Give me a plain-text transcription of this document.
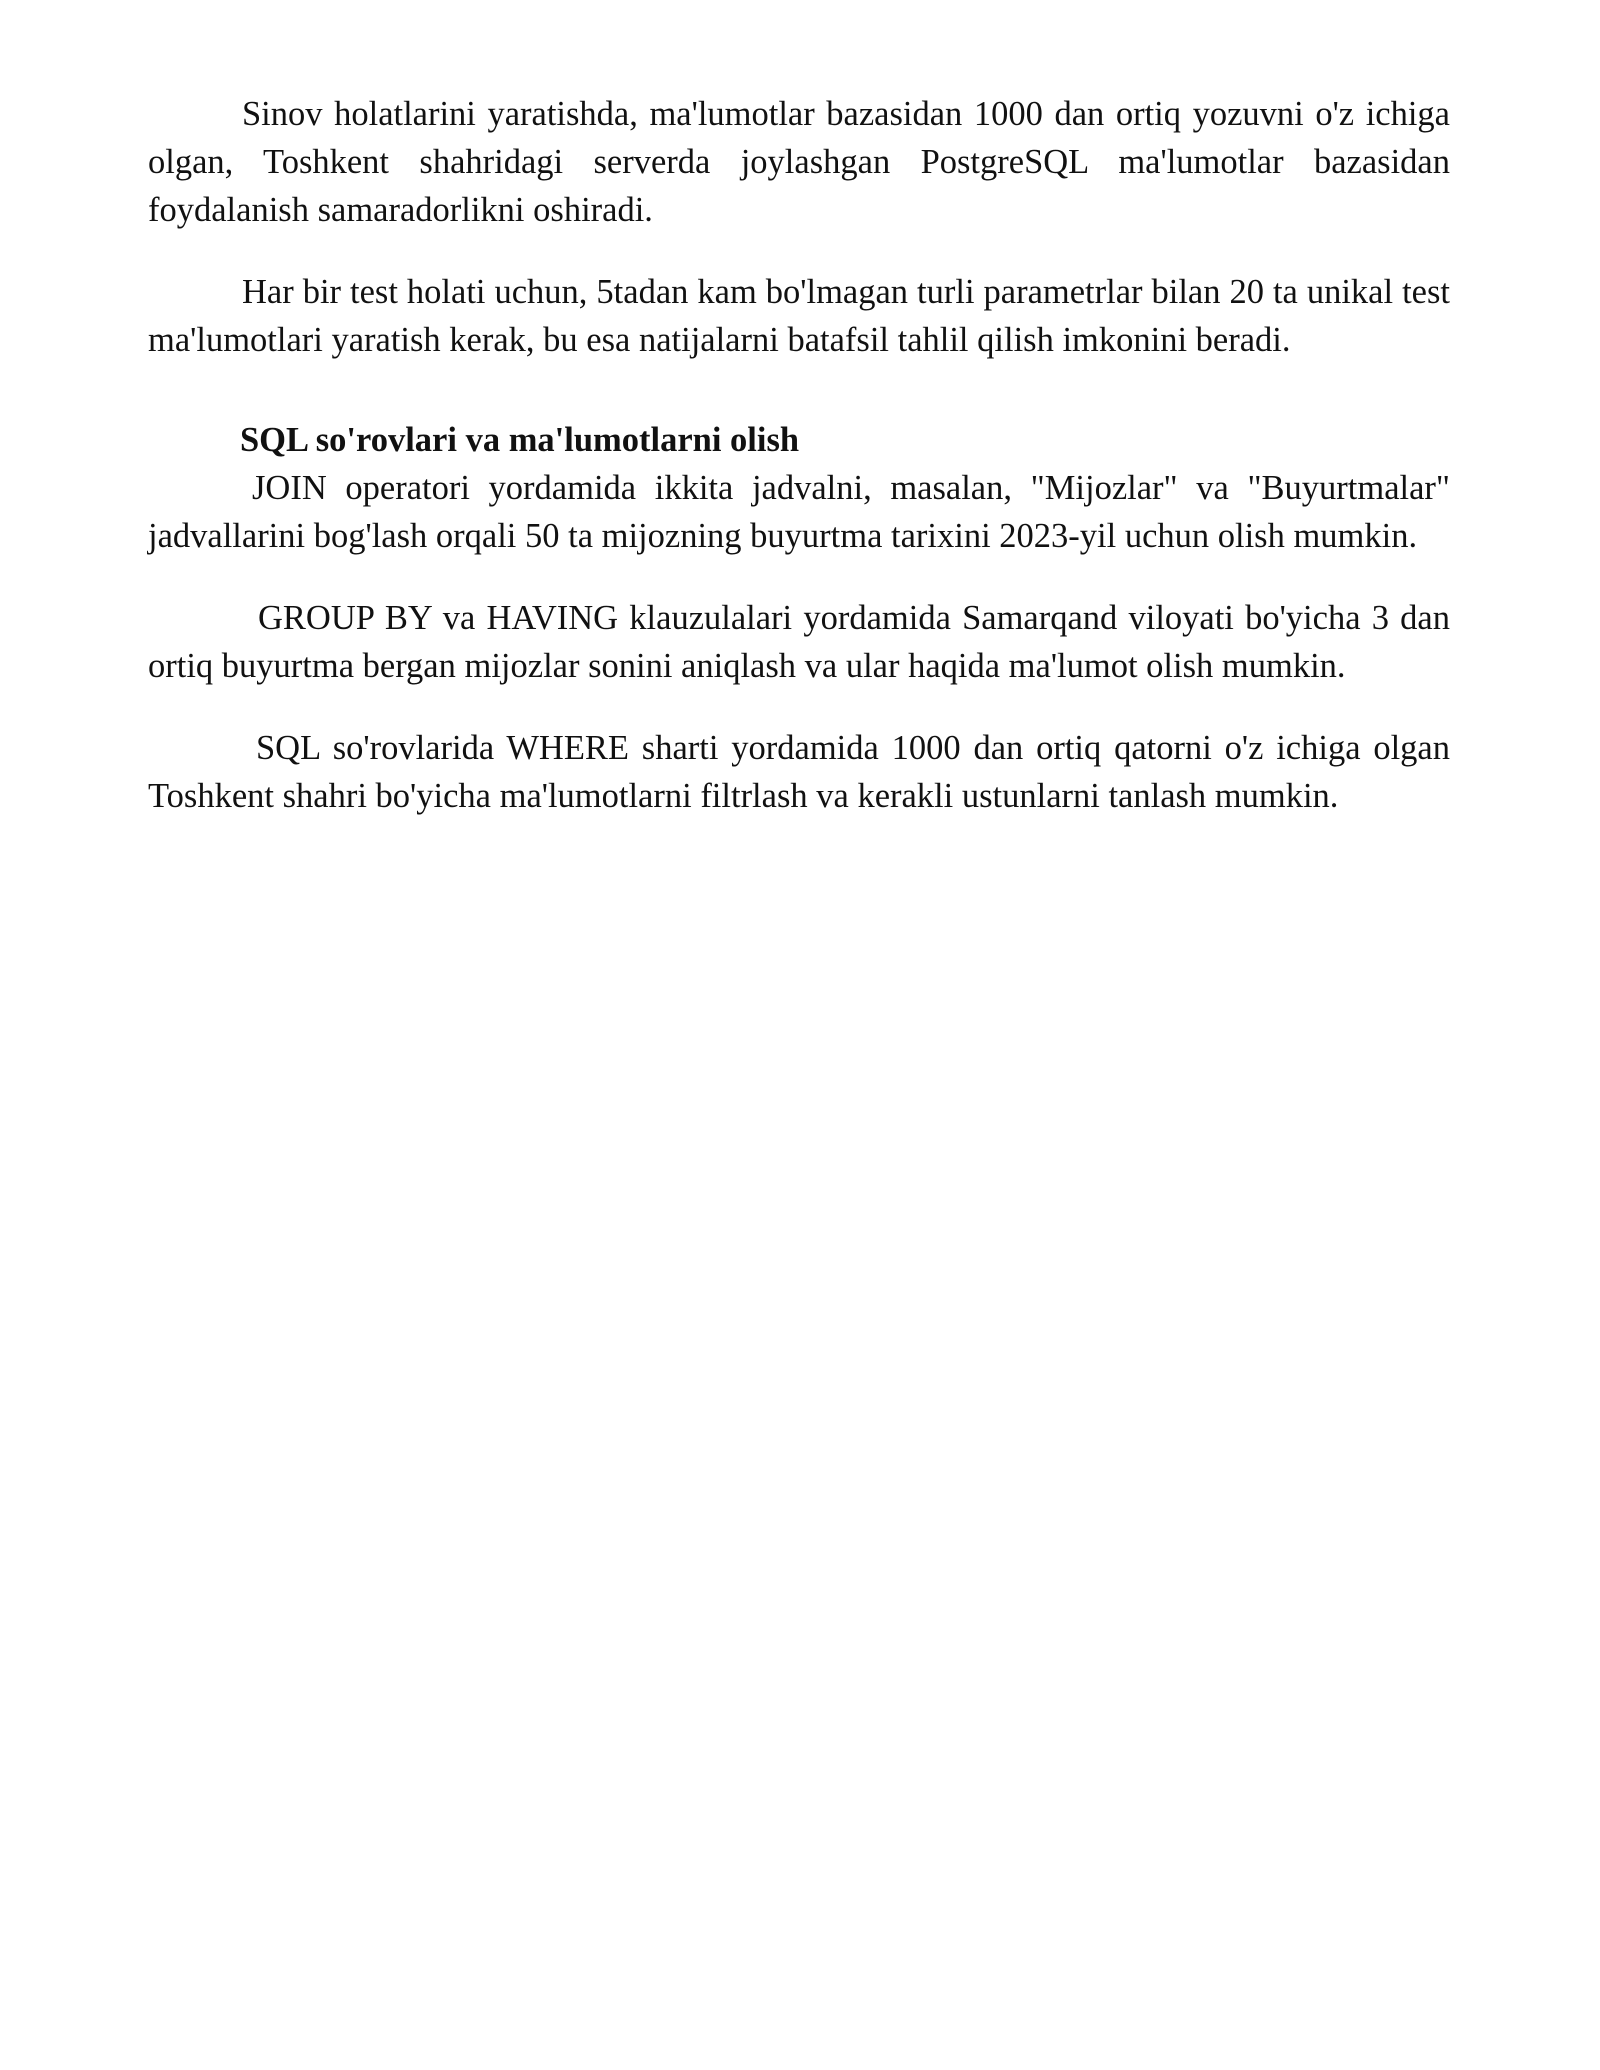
Sinov holatlarini yaratishda, ma'lumotlar bazasidan 1000 dan ortiq yozuvni o'z ichiga olgan, Toshkent shahridagi serverda joylashgan PostgreSQL ma'lumotlar bazasidan foydalanish samaradorlikni oshiradi.

Har bir test holati uchun, 5tadan kam bo'lmagan turli parametrlar bilan 20 ta unikal test ma'lumotlari yaratish kerak, bu esa natijalarni batafsil tahlil qilish imkonini beradi.

SQL so'rovlari va ma'lumotlarni olish

JOIN operatori yordamida ikkita jadvalni, masalan, "Mijozlar" va "Buyurtmalar" jadvallarini bog'lash orqali 50 ta mijozning buyurtma tarixini 2023-yil uchun olish mumkin.

GROUP BY va HAVING klauzulalari yordamida Samarqand viloyati bo'yicha 3 dan ortiq buyurtma bergan mijozlar sonini aniqlash va ular haqida ma'lumot olish mumkin.

SQL so'rovlarida WHERE sharti yordamida 1000 dan ortiq qatorni o'z ichiga olgan Toshkent shahri bo'yicha ma'lumotlarni filtrlash va kerakli ustunlarni tanlash mumkin.
